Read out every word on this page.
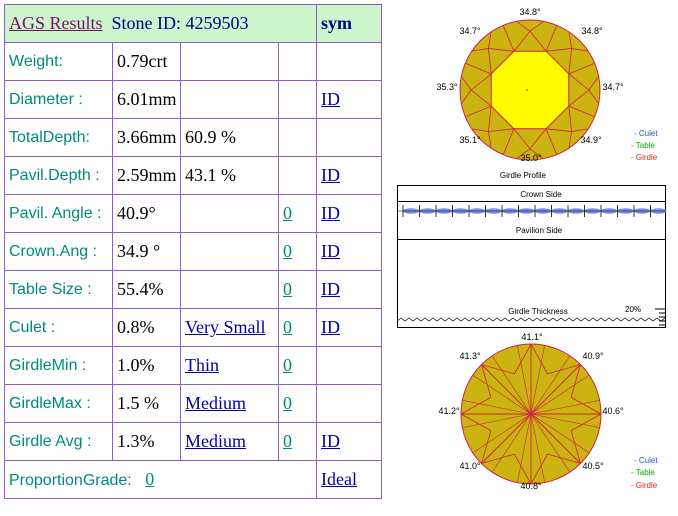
AGS Results Stone ID: 4259503				sym
Weight:	0.79crt			
Diameter :	6.01mm			ID
TotalDepth:	3.66mm	60.9 %		
Pavil.Depth :	2.59mm	43.1 %		ID
Pavil. Angle :	40.9°		0	ID
Crown.Ang :	34.9 °		0	ID
Table Size :	55.4%		0	ID
Culet :	0.8%	Very Small	0	ID
GirdleMin :	1.0%	Thin	0	
GirdleMax :	1.5 %	Medium	0	
Girdle Avg :	1.3%	Medium	0	ID
ProportionGrade: 0				Ideal
34.8°
34.7°	34.8°
35.3°	34.7°
35.1°	34.9°
35.0°
- Culet
- Table
- Girdle
Girdle Profile
Crown Side
Pavilion Side
Girdle Thickness	20%
41.1°
41.3°	40.9°
41.2°	40.6°
41.0°	40.5°
40.8°
- Culet
- Table
- Girdle
